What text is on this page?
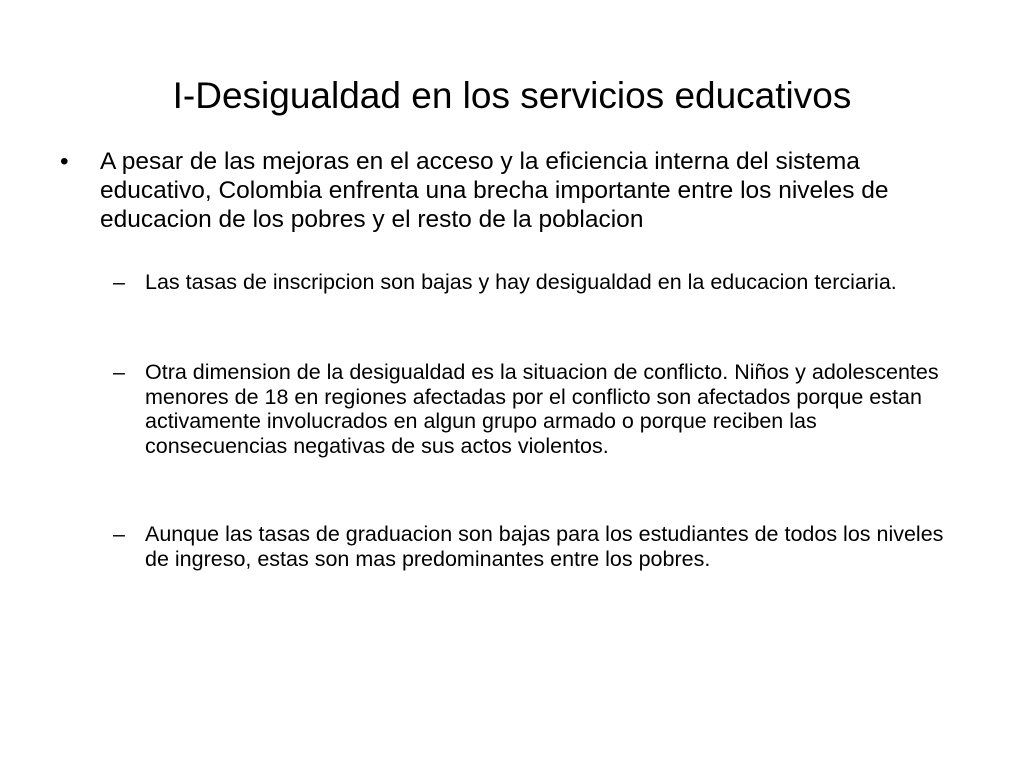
I-Desigualdad en los servicios educativos
•	A pesar de las mejoras en el acceso y la eficiencia interna del sistema educativo, Colombia enfrenta una brecha importante entre los niveles de educacion de los pobres y el resto de la poblacion
– Las tasas de inscripcion son bajas y hay desigualdad en la educacion terciaria.
– Otra dimension de la desigualdad es la situacion de conflicto. Niños y adolescentes menores de 18 en regiones afectadas por el conflicto son afectados porque estan activamente involucrados en algun grupo armado o porque reciben las consecuencias negativas de sus actos violentos.
– Aunque las tasas de graduacion son bajas para los estudiantes de todos los niveles de ingreso, estas son mas predominantes entre los pobres.
